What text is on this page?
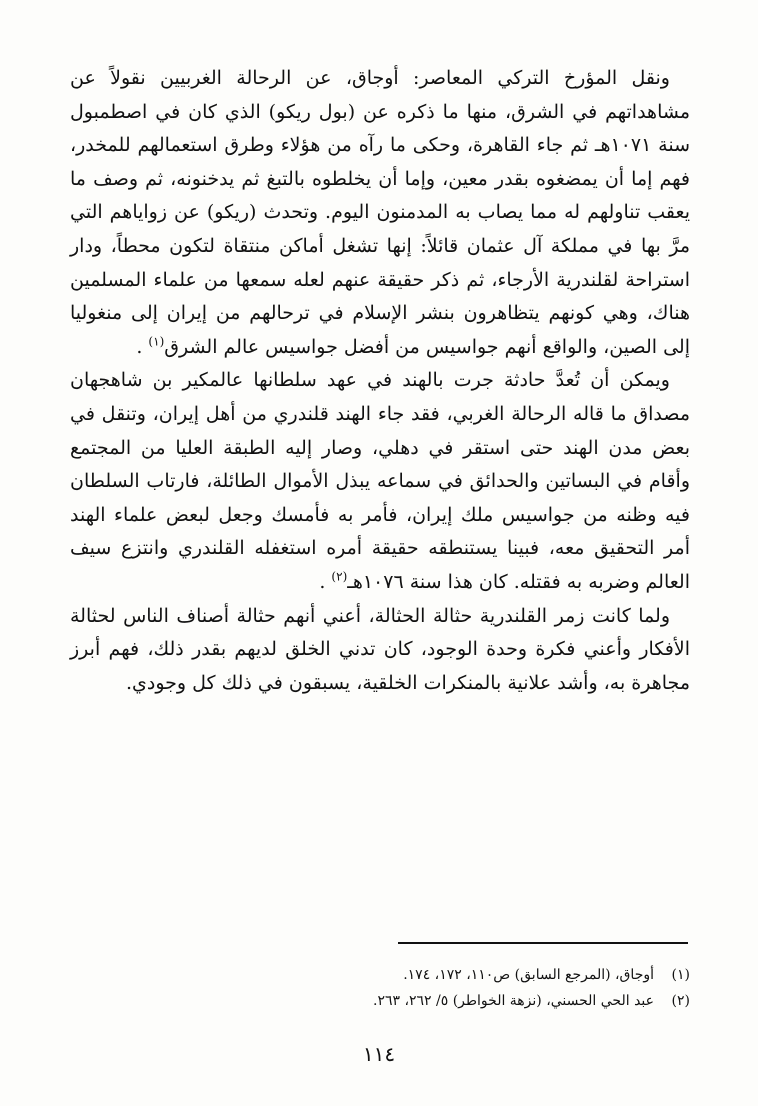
ونقل المؤرخ التركي المعاصر: أوجاق، عن الرحالة الغربيين نقولاً عن مشاهداتهم في الشرق، منها ما ذكره عن (بول ريكو) الذي كان في اصطمبول سنة ١٠٧١هـ ثم جاء القاهرة، وحكى ما رآه من هؤلاء وطرق استعمالهم للمخدر، فهم إما أن يمضغوه بقدر معين، وإما أن يخلطوه بالتبغ ثم يدخنونه، ثم وصف ما يعقب تناولهم له مما يصاب به المدمنون اليوم. وتحدث (ريكو) عن زواياهم التي مرَّ بها في مملكة آل عثمان قائلاً: إنها تشغل أماكن منتقاة لتكون محطاً، ودار استراحة لقلندرية الأرجاء، ثم ذكر حقيقة عنهم لعله سمعها من علماء المسلمين هناك، وهي كونهم يتظاهرون بنشر الإسلام في ترحالهم من إيران إلى منغوليا إلى الصين، والواقع أنهم جواسيس من أفضل جواسيس عالم الشرق$^{(١)}$ .

ويمكن أن تُعدَّ حادثة جرت بالهند في عهد سلطانها عالمكير بن شاهجهان مصداق ما قاله الرحالة الغربي، فقد جاء الهند قلندري من أهل إيران، وتنقل في بعض مدن الهند حتى استقر في دهلي، وصار إليه الطبقة العليا من المجتمع وأقام في البساتين والحدائق في سماعه يبذل الأموال الطائلة، فارتاب السلطان فيه وظنه من جواسيس ملك إيران، فأمر به فأمسك وجعل لبعض علماء الهند أمر التحقيق معه، فبينا يستنطقه حقيقة أمره استغفله القلندري وانتزع سيف العالم وضربه به فقتله. كان هذا سنة ١٠٧٦هـ$^{(٢)}$ .

ولما كانت زمر القلندرية حثالة الحثالة، أعني أنهم حثالة أصناف الناس لحثالة الأفكار وأعني فكرة وحدة الوجود، كان تدني الخلق لديهم بقدر ذلك، فهم أبرز مجاهرة به، وأشد علانية بالمنكرات الخلقية، يسبقون في ذلك كل وجودي.

(١)
أوجاق، (المرجع السابق) ص١١٠، ١٧٢، ١٧٤.
(٢)
عبد الحي الحسني، (نزهة الخواطر) ٥/ ٢٦٢، ٢٦٣.
١١٤
